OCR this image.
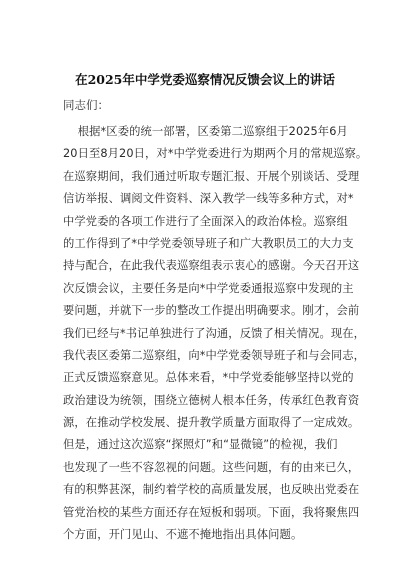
在2025年中学党委巡察情况反馈会议上的讲话
同志们：
根据*区委的统一部署，区委第二巡察组于2025年6月
20日至8月20日，对*中学党委进行为期两个月的常规巡察。
在巡察期间，我们通过听取专题汇报、开展个别谈话、受理
信访举报、调阅文件资料、深入教学一线等多种方式，对*
中学党委的各项工作进行了全面深入的政治体检。巡察组
的工作得到了*中学党委领导班子和广大教职员工的大力支
持与配合，在此我代表巡察组表示衷心的感谢。今天召开这
次反馈会议，主要任务是向*中学党委通报巡察中发现的主
要问题，并就下一步的整改工作提出明确要求。刚才，会前
我们已经与*书记单独进行了沟通，反馈了相关情况。现在，
我代表区委第二巡察组，向*中学党委领导班子和与会同志，
正式反馈巡察意见。总体来看，*中学党委能够坚持以党的
政治建设为统领，围绕立德树人根本任务，传承红色教育资
源，在推动学校发展、提升教学质量方面取得了一定成效。
但是，通过这次巡察“探照灯”和“显微镜”的检视，我们
也发现了一些不容忽视的问题。这些问题，有的由来已久，
有的积弊甚深，制约着学校的高质量发展，也反映出党委在
管党治校的某些方面还存在短板和弱项。下面，我将聚焦四
个方面，开门见山、不遮不掩地指出具体问题。
